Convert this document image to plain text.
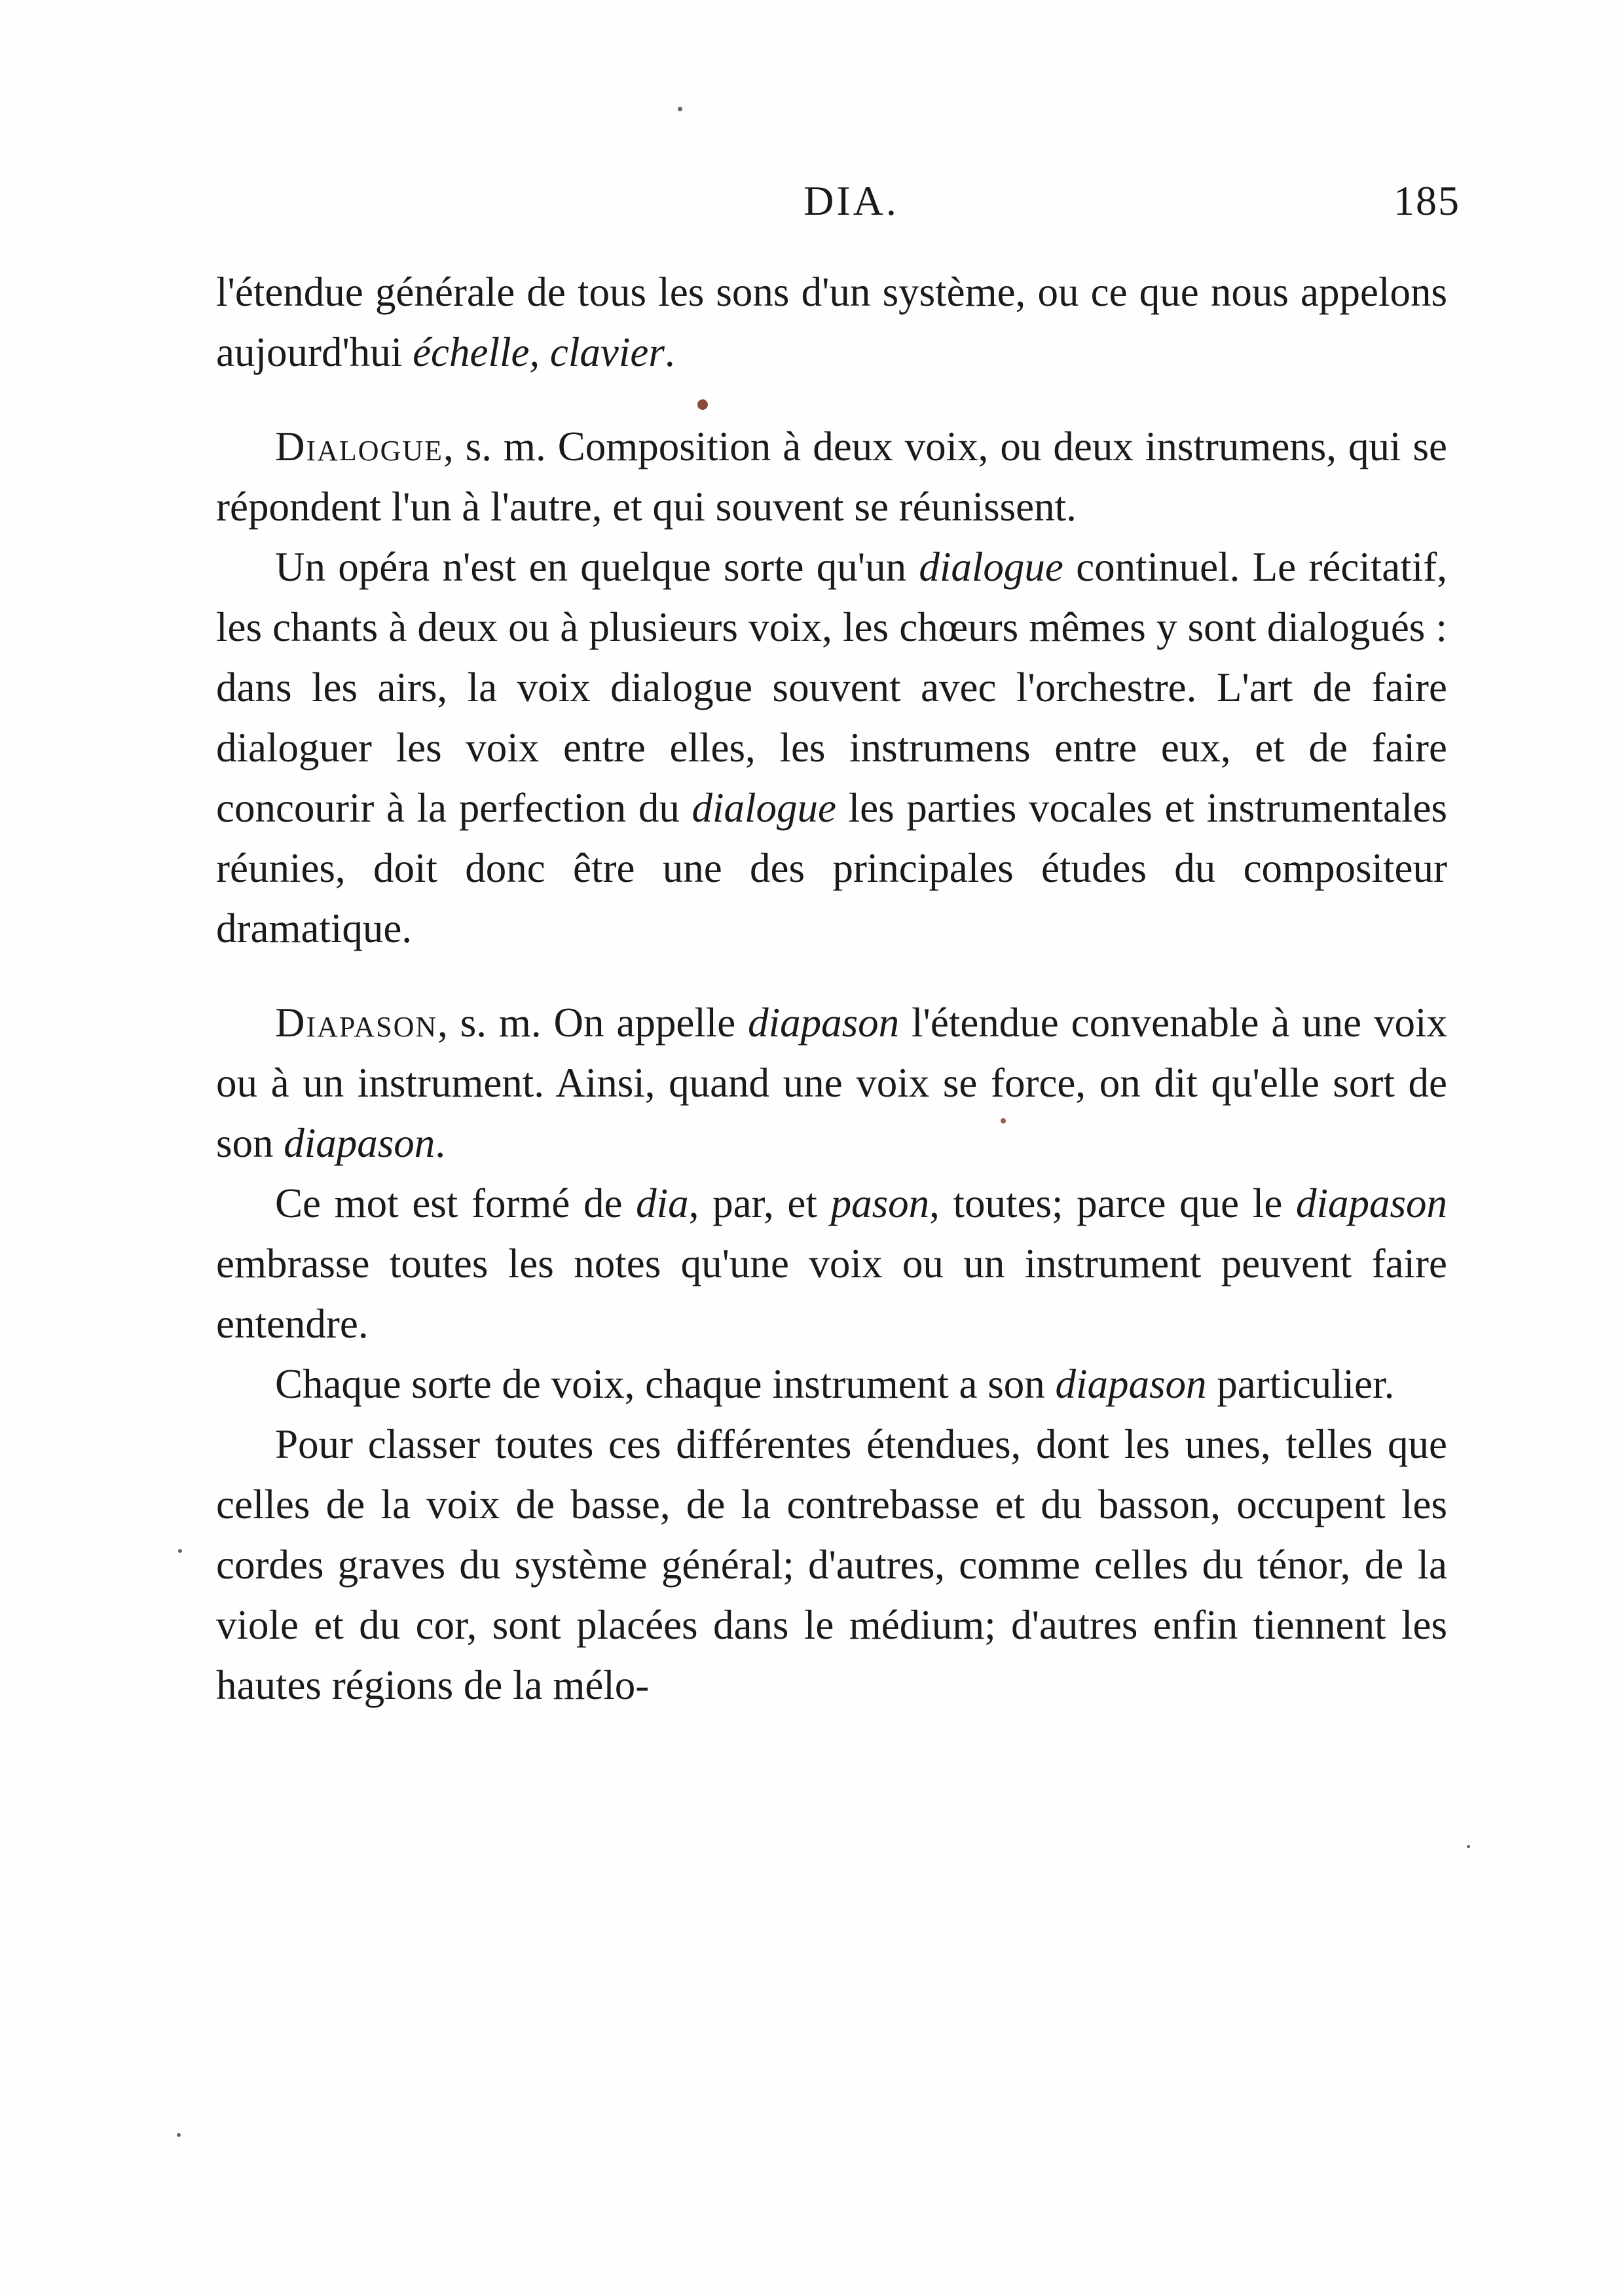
DIA.	185

l'étendue générale de tous les sons d'un système, ou ce que nous appelons aujourd'hui échelle, clavier.

Dialogue, s. m. Composition à deux voix, ou deux instrumens, qui se répondent l'un à l'autre, et qui souvent se réunissent.

Un opéra n'est en quelque sorte qu'un dialogue continuel. Le récitatif, les chants à deux ou à plusieurs voix, les chœurs mêmes y sont dialogués : dans les airs, la voix dialogue souvent avec l'orchestre. L'art de faire dialoguer les voix entre elles, les instrumens entre eux, et de faire concourir à la perfection du dialogue les parties vocales et instrumentales réunies, doit donc être une des principales études du compositeur dramatique.

Diapason, s. m. On appelle diapason l'étendue convenable à une voix ou à un instrument. Ainsi, quand une voix se force, on dit qu'elle sort de son diapason.

Ce mot est formé de dia, par, et pason, toutes; parce que le diapason embrasse toutes les notes qu'une voix ou un instrument peuvent faire entendre.

Chaque sorte de voix, chaque instrument a son diapason particulier.

Pour classer toutes ces différentes étendues, dont les unes, telles que celles de la voix de basse, de la contrebasse et du basson, occupent les cordes graves du système général; d'autres, comme celles du ténor, de la viole et du cor, sont placées dans le médium; d'autres enfin tiennent les hautes régions de la mélo-
